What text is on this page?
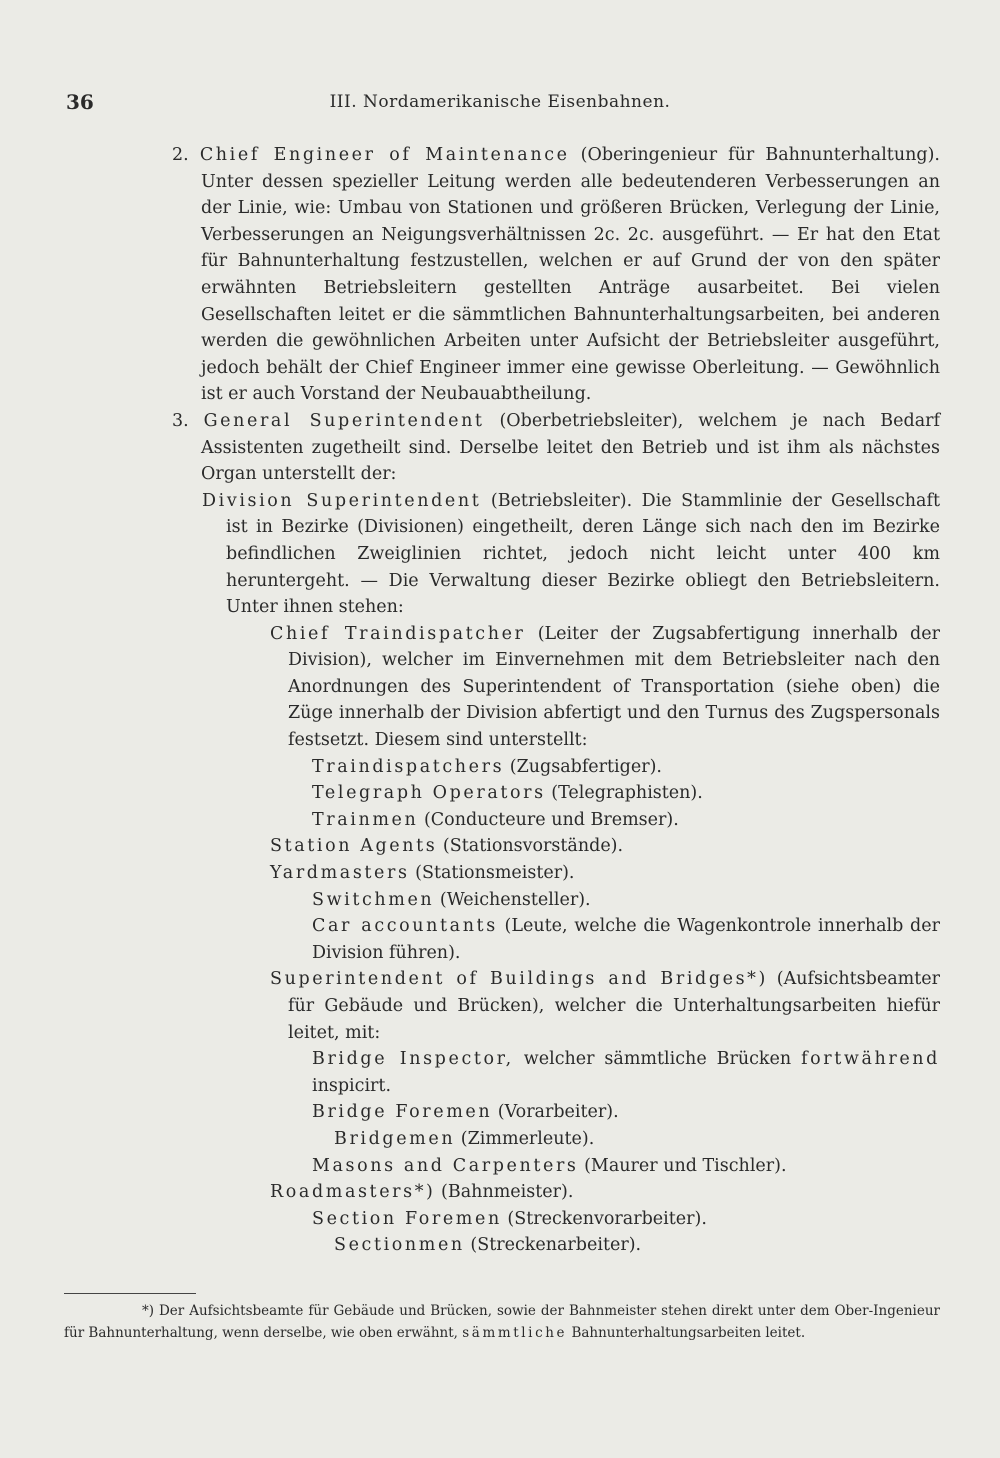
36	III. Nordamerikanische Eisenbahnen.

2. Chief Engineer of Maintenance (Oberingenieur für Bahnunterhaltung). Unter dessen spezieller Leitung werden alle bedeutenderen Verbesserungen an der Linie, wie: Umbau von Stationen und größeren Brücken, Verlegung der Linie, Verbesserungen an Neigungsverhältnissen 2c. 2c. ausgeführt. — Er hat den Etat für Bahnunterhaltung festzustellen, welchen er auf Grund der von den später erwähnten Betriebsleitern gestellten Anträge ausarbeitet. Bei vielen Gesellschaften leitet er die sämmtlichen Bahnunterhaltungsarbeiten, bei anderen werden die gewöhnlichen Arbeiten unter Aufsicht der Betriebsleiter ausgeführt, jedoch behält der Chief Engineer immer eine gewisse Oberleitung. — Gewöhnlich ist er auch Vorstand der Neubauabtheilung.

3. General Superintendent (Oberbetriebsleiter), welchem je nach Bedarf Assistenten zugetheilt sind. Derselbe leitet den Betrieb und ist ihm als nächstes Organ unterstellt der:

Division Superintendent (Betriebsleiter). Die Stammlinie der Gesellschaft ist in Bezirke (Divisionen) eingetheilt, deren Länge sich nach den im Bezirke befindlichen Zweiglinien richtet, jedoch nicht leicht unter 400 km heruntergeht. — Die Verwaltung dieser Bezirke obliegt den Betriebsleitern. Unter ihnen stehen:

Chief Traindispatcher (Leiter der Zugsabfertigung innerhalb der Division), welcher im Einvernehmen mit dem Betriebsleiter nach den Anordnungen des Superintendent of Transportation (siehe oben) die Züge innerhalb der Division abfertigt und den Turnus des Zugspersonals festsetzt. Diesem sind unterstellt:

Traindispatchers (Zugsabfertiger).

Telegraph Operators (Telegraphisten).

Trainmen (Conducteure und Bremser).

Station Agents (Stationsvorstände).

Yardmasters (Stationsmeister).

Switchmen (Weichensteller).

Car accountants (Leute, welche die Wagenkontrole innerhalb der Division führen).

Superintendent of Buildings and Bridges*) (Aufsichtsbeamter für Gebäude und Brücken), welcher die Unterhaltungsarbeiten hiefür leitet, mit:

Bridge Inspector, welcher sämmtliche Brücken fortwährend inspicirt.

Bridge Foremen (Vorarbeiter).

Bridgemen (Zimmerleute).

Masons and Carpenters (Maurer und Tischler).

Roadmasters*) (Bahnmeister).

Section Foremen (Streckenvorarbeiter).

Sectionmen (Streckenarbeiter).

*) Der Aufsichtsbeamte für Gebäude und Brücken, sowie der Bahnmeister stehen direkt unter dem Ober-Ingenieur für Bahnunterhaltung, wenn derselbe, wie oben erwähnt, sämmtliche Bahnunterhaltungsarbeiten leitet.
